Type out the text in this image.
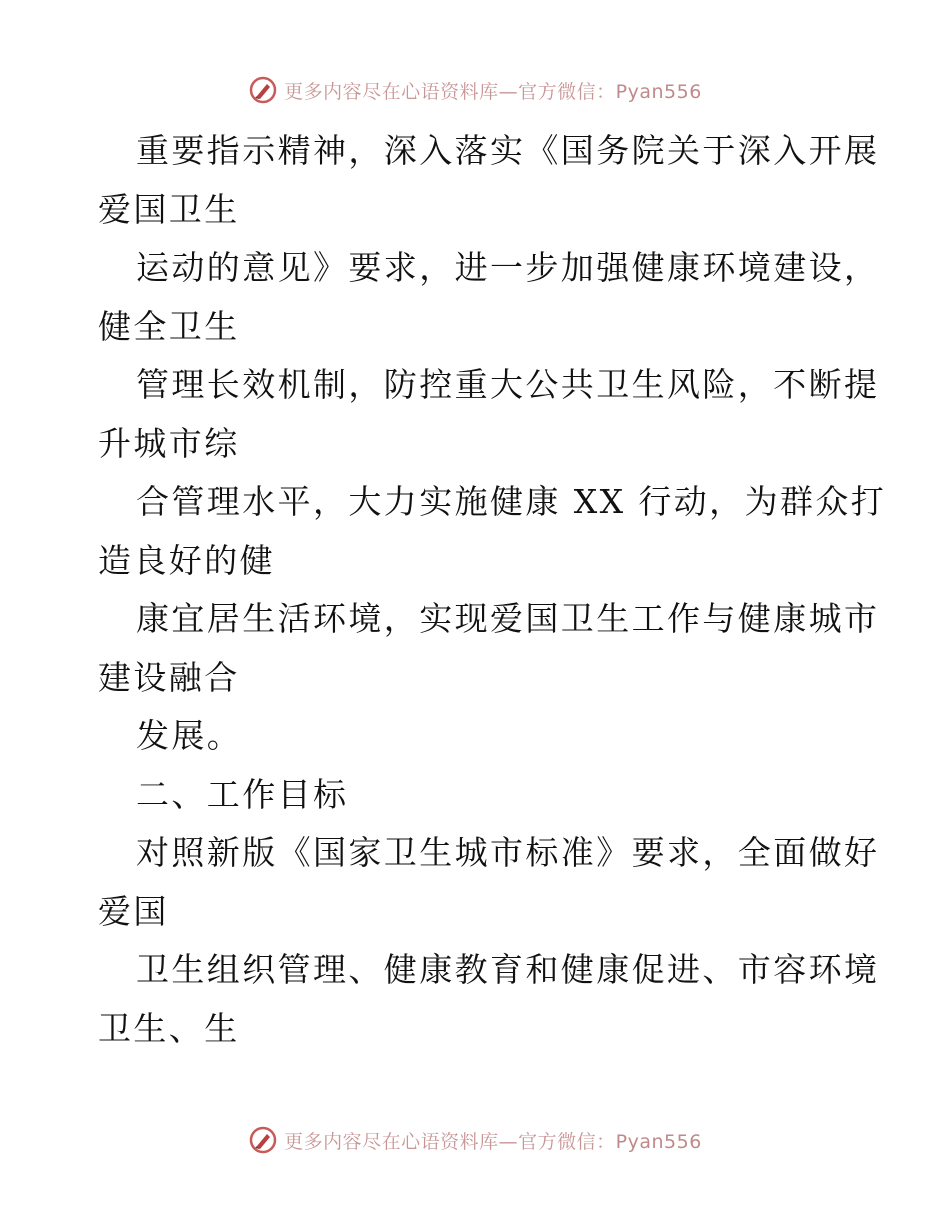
更多内容尽在心语资料库—官方微信：Pyan556
重要指示精神，深入落实《国务院关于深入开展
爱国卫生
运动的意见》要求，进一步加强健康环境建设，
健全卫生
管理长效机制，防控重大公共卫生风险，不断提
升城市综
合管理水平，大力实施健康 XX 行动，为群众打
造良好的健
康宜居生活环境，实现爱国卫生工作与健康城市
建设融合
发展。
二、工作目标
对照新版《国家卫生城市标准》要求，全面做好
爱国
卫生组织管理、健康教育和健康促进、市容环境
卫生、生
更多内容尽在心语资料库—官方微信：Pyan556
